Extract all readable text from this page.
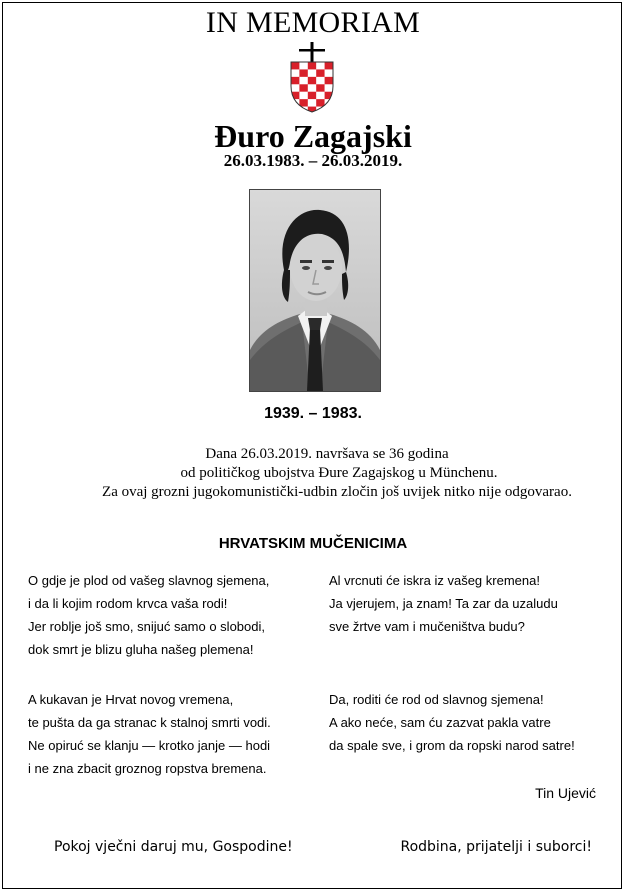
IN MEMORIAM
Đuro Zagajski
26.03.1983. – 26.03.2019.
1939. – 1983.
Dana 26.03.2019. navršava se 36 godina
od političkog ubojstva Đure Zagajskog u Münchenu.
Za ovaj grozni jugokomunistički-udbin zločin još uvijek nitko nije odgovarao.
HRVATSKIM MUČENICIMA
O gdje je plod od vašeg slavnog sjemena,
i da li kojim rodom krvca vaša rodi!
Jer roblje još smo, snijuć samo o slobodi,
dok smrt je blizu gluha našeg plemena!
Al vrcnuti će iskra iz vašeg kremena!
Ja vjerujem, ja znam! Ta zar da uzaludu
sve žrtve vam i mučeništva budu?
A kukavan je Hrvat novog vremena,
te pušta da ga stranac k stalnoj smrti vodi.
Ne opiruć se klanju — krotko janje — hodi
i ne zna zbacit groznog ropstva bremena.
Da, roditi će rod od slavnog sjemena!
A ako neće, sam ću zazvat pakla vatre
da spale sve, i grom da ropski narod satre!
Tin Ujević
Pokoj vječni daruj mu, Gospodine!	Rodbina, prijatelji i suborci!
